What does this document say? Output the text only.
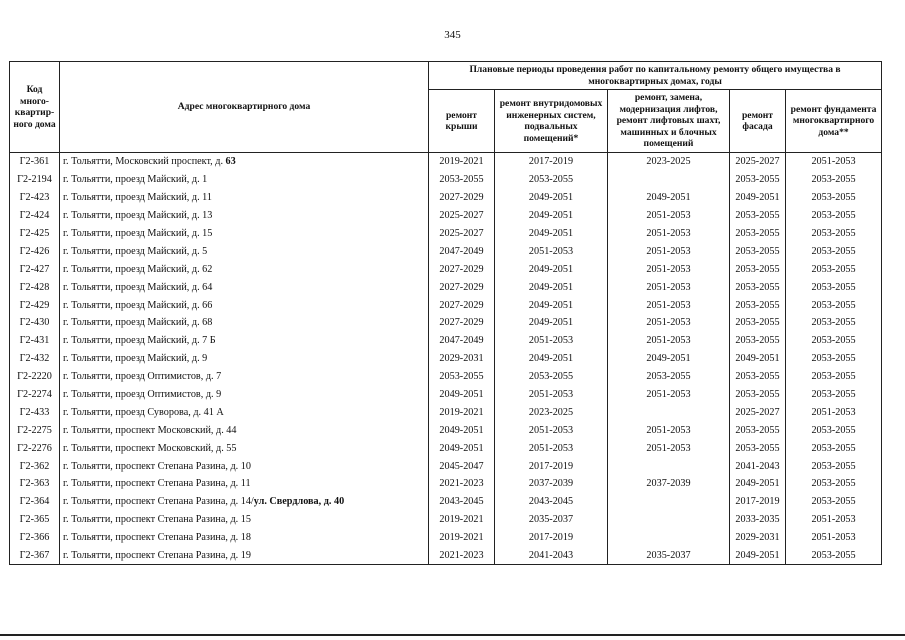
345
Код много-квартир-ного дома	Адрес многоквартирного дома	Плановые периоды проведения работ по капитальному ремонту общего имущества в многоквартирных домах, годы				
		ремонт крыши	ремонт внутридомовых инженерных систем, подвальных помещений*	ремонт, замена, модернизация лифтов, ремонт лифтовых шахт, машинных и блочных помещений	ремонт фасада	ремонт фундамента многоквартирного дома**
Г2-361	г. Тольятти, Московский проспект, д. 63	2019-2021	2017-2019	2023-2025	2025-2027	2051-2053
Г2-2194	г. Тольятти, проезд Майский, д. 1	2053-2055	2053-2055		2053-2055	2053-2055
Г2-423	г. Тольятти, проезд Майский, д. 11	2027-2029	2049-2051	2049-2051	2049-2051	2053-2055
Г2-424	г. Тольятти, проезд Майский, д. 13	2025-2027	2049-2051	2051-2053	2053-2055	2053-2055
Г2-425	г. Тольятти, проезд Майский, д. 15	2025-2027	2049-2051	2051-2053	2053-2055	2053-2055
Г2-426	г. Тольятти, проезд Майский, д. 5	2047-2049	2051-2053	2051-2053	2053-2055	2053-2055
Г2-427	г. Тольятти, проезд Майский, д. 62	2027-2029	2049-2051	2051-2053	2053-2055	2053-2055
Г2-428	г. Тольятти, проезд Майский, д. 64	2027-2029	2049-2051	2051-2053	2053-2055	2053-2055
Г2-429	г. Тольятти, проезд Майский, д. 66	2027-2029	2049-2051	2051-2053	2053-2055	2053-2055
Г2-430	г. Тольятти, проезд Майский, д. 68	2027-2029	2049-2051	2051-2053	2053-2055	2053-2055
Г2-431	г. Тольятти, проезд Майский, д. 7 Б	2047-2049	2051-2053	2051-2053	2053-2055	2053-2055
Г2-432	г. Тольятти, проезд Майский, д. 9	2029-2031	2049-2051	2049-2051	2049-2051	2053-2055
Г2-2220	г. Тольятти, проезд Оптимистов, д. 7	2053-2055	2053-2055	2053-2055	2053-2055	2053-2055
Г2-2274	г. Тольятти, проезд Оптимистов, д. 9	2049-2051	2051-2053	2051-2053	2053-2055	2053-2055
Г2-433	г. Тольятти, проезд Суворова, д. 41 А	2019-2021	2023-2025		2025-2027	2051-2053
Г2-2275	г. Тольятти, проспект Московский, д. 44	2049-2051	2051-2053	2051-2053	2053-2055	2053-2055
Г2-2276	г. Тольятти, проспект Московский, д. 55	2049-2051	2051-2053	2051-2053	2053-2055	2053-2055
Г2-362	г. Тольятти, проспект Степана Разина, д. 10	2045-2047	2017-2019		2041-2043	2053-2055
Г2-363	г. Тольятти, проспект Степана Разина, д. 11	2021-2023	2037-2039	2037-2039	2049-2051	2053-2055
Г2-364	г. Тольятти, проспект Степана Разина, д. 14/ул. Свердлова, д. 40	2043-2045	2043-2045		2017-2019	2053-2055
Г2-365	г. Тольятти, проспект Степана Разина, д. 15	2019-2021	2035-2037		2033-2035	2051-2053
Г2-366	г. Тольятти, проспект Степана Разина, д. 18	2019-2021	2017-2019		2029-2031	2051-2053
Г2-367	г. Тольятти, проспект Степана Разина, д. 19	2021-2023	2041-2043	2035-2037	2049-2051	2053-2055
